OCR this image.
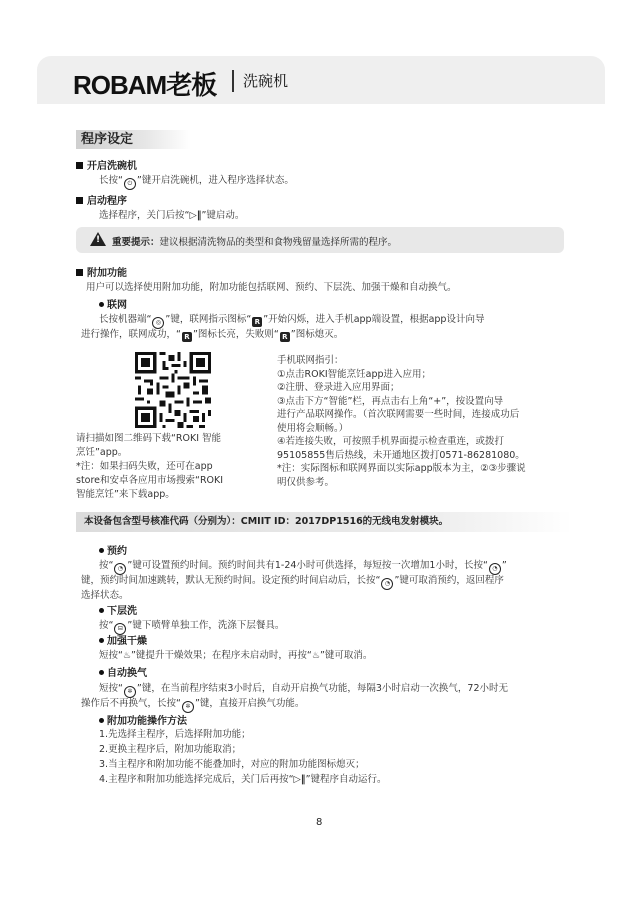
ROBAM老板 洗碗机
程序设定
开启洗碗机
长按“ ⏻ ”键开启洗碗机，进入程序选择状态。
启动程序
选择程序，关门后按“▷‖”键启动。
!
重要提示：建议根据清洗物品的类型和食物残留量选择所需的程序。
附加功能
用户可以选择使用附加功能，附加功能包括联网、预约、下层洗、加强干燥和自动换气。
联网
长按机器端“ ◎ ”键，联网指示图标“ R ”开始闪烁，进入手机app端设置，根据app设计向导
进行操作，联网成功，“ R ”图标长亮，失败则“ R ”图标熄灭。
请扫描如图二维码下载“ROKI 智能
烹饪”app。
*注：如果扫码失败，还可在app
store和安卓各应用市场搜索“ROKI
智能烹饪”来下载app。
手机联网指引：
①点击ROKI智能烹饪app进入应用；
②注册、登录进入应用界面；
③点击下方“智能”栏，再点击右上角“+”，按设置向导
进行产品联网操作。（首次联网需要一些时间，连接成功后
使用将会顺畅。）
④若连接失败，可按照手机界面提示检查重连，或拨打
95105855售后热线，未开通地区拨打0571-86281080。
*注：实际图标和联网界面以实际app版本为主，②③步骤说
明仅供参考。
本设备包含型号核准代码（分别为）：CMIIT ID：2017DP1516的无线电发射模块。
预约
按“ ◔ ”键可设置预约时间。预约时间共有1-24小时可供选择，每短按一次增加1小时，长按“ ◔ ”
键，预约时间加速跳转，默认无预约时间。设定预约时间启动后，长按“ ◔ ”键可取消预约，返回程序
选择状态。
下层洗
按“ ⊟ ”键下喷臂单独工作，洗涤下层餐具。
加强干燥
短按“♨”键提升干燥效果；在程序未启动时，再按“♨”键可取消。
自动换气
短按“ ✲ ”键，在当前程序结束3小时后，自动开启换气功能，每隔3小时启动一次换气，72小时无
操作后不再换气，长按“ ✲ ”键，直接开启换气功能。
附加功能操作方法
1.先选择主程序，后选择附加功能；
2.更换主程序后，附加功能取消；
3.当主程序和附加功能不能叠加时，对应的附加功能图标熄灭；
4.主程序和附加功能选择完成后，关门后再按“▷‖”键程序自动运行。
8
